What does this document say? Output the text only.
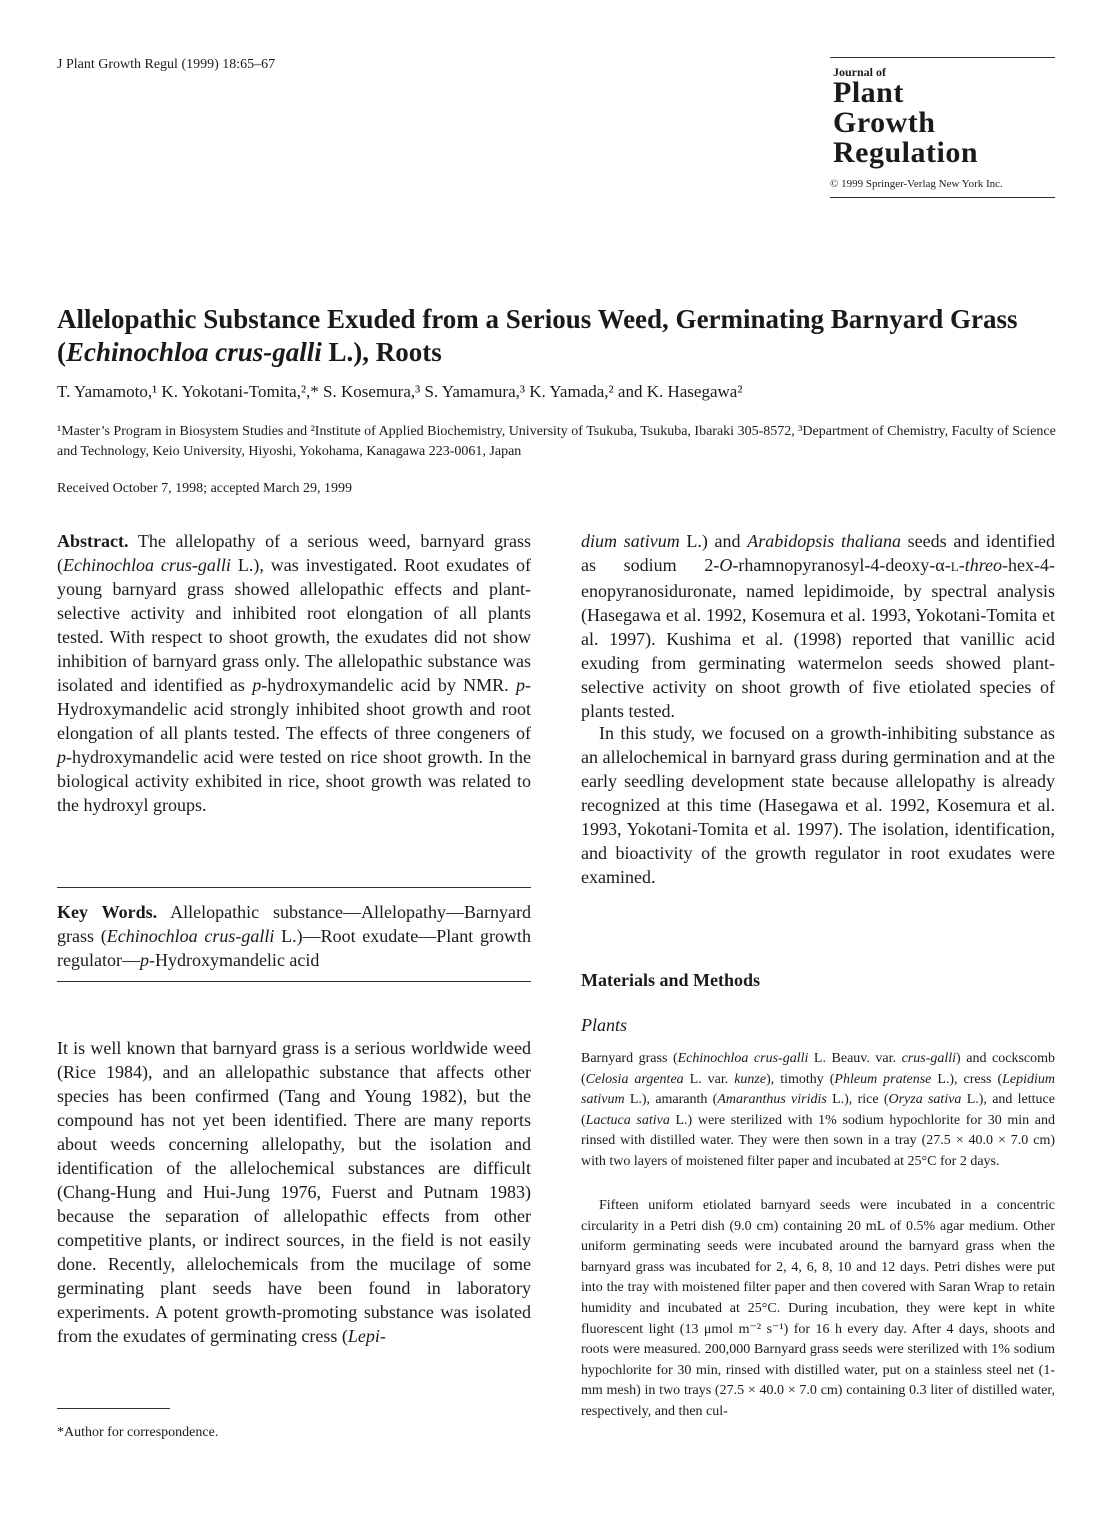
J Plant Growth Regul (1999) 18:65–67	Journal of
Plant
Growth
Regulation
© 1999 Springer-Verlag New York Inc.
Allelopathic Substance Exuded from a Serious Weed, Germinating Barnyard Grass (Echinochloa crus-galli L.), Roots
T. Yamamoto,¹ K. Yokotani-Tomita,²,* S. Kosemura,³ S. Yamamura,³ K. Yamada,² and K. Hasegawa²
¹Master’s Program in Biosystem Studies and ²Institute of Applied Biochemistry, University of Tsukuba, Tsukuba, Ibaraki 305-8572, ³Department of Chemistry, Faculty of Science and Technology, Keio University, Hiyoshi, Yokohama, Kanagawa 223-0061, Japan
Received October 7, 1998; accepted March 29, 1999
Abstract. The allelopathy of a serious weed, barnyard grass (Echinochloa crus-galli L.), was investigated. Root exudates of young barnyard grass showed allelopathic effects and plant-selective activity and inhibited root elongation of all plants tested. With respect to shoot growth, the exudates did not show inhibition of barnyard grass only. The allelopathic substance was isolated and identified as p-hydroxymandelic acid by NMR. p-Hydroxymandelic acid strongly inhibited shoot growth and root elongation of all plants tested. The effects of three congeners of p-hydroxymandelic acid were tested on rice shoot growth. In the biological activity exhibited in rice, shoot growth was related to the hydroxyl groups.
Key Words. Allelopathic substance—Allelopathy—Barnyard grass (Echinochloa crus-galli L.)—Root exudate—Plant growth regulator—p-Hydroxymandelic acid
It is well known that barnyard grass is a serious worldwide weed (Rice 1984), and an allelopathic substance that affects other species has been confirmed (Tang and Young 1982), but the compound has not yet been identified. There are many reports about weeds concerning allelopathy, but the isolation and identification of the allelochemical substances are difficult (Chang-Hung and Hui-Jung 1976, Fuerst and Putnam 1983) because the separation of allelopathic effects from other competitive plants, or indirect sources, in the field is not easily done. Recently, allelochemicals from the mucilage of some germinating plant seeds have been found in laboratory experiments. A potent growth-promoting substance was isolated from the exudates of germinating cress (Lepi-
*Author for correspondence.
dium sativum L.) and Arabidopsis thaliana seeds and identified as sodium 2-O-rhamnopyranosyl-4-deoxy-α-L-threo-hex-4-enopyranosiduronate, named lepidimoide, by spectral analysis (Hasegawa et al. 1992, Kosemura et al. 1993, Yokotani-Tomita et al. 1997). Kushima et al. (1998) reported that vanillic acid exuding from germinating watermelon seeds showed plant-selective activity on shoot growth of five etiolated species of plants tested.
In this study, we focused on a growth-inhibiting substance as an allelochemical in barnyard grass during germination and at the early seedling development state because allelopathy is already recognized at this time (Hasegawa et al. 1992, Kosemura et al. 1993, Yokotani-Tomita et al. 1997). The isolation, identification, and bioactivity of the growth regulator in root exudates were examined.
Materials and Methods
Plants
Barnyard grass (Echinochloa crus-galli L. Beauv. var. crus-galli) and cockscomb (Celosia argentea L. var. kunze), timothy (Phleum pratense L.), cress (Lepidium sativum L.), amaranth (Amaranthus viridis L.), rice (Oryza sativa L.), and lettuce (Lactuca sativa L.) were sterilized with 1% sodium hypochlorite for 30 min and rinsed with distilled water. They were then sown in a tray (27.5 × 40.0 × 7.0 cm) with two layers of moistened filter paper and incubated at 25°C for 2 days.
Fifteen uniform etiolated barnyard seeds were incubated in a concentric circularity in a Petri dish (9.0 cm) containing 20 mL of 0.5% agar medium. Other uniform germinating seeds were incubated around the barnyard grass when the barnyard grass was incubated for 2, 4, 6, 8, 10 and 12 days. Petri dishes were put into the tray with moistened filter paper and then covered with Saran Wrap to retain humidity and incubated at 25°C. During incubation, they were kept in white fluorescent light (13 μmol m⁻² s⁻¹) for 16 h every day. After 4 days, shoots and roots were measured. 200,000 Barnyard grass seeds were sterilized with 1% sodium hypochlorite for 30 min, rinsed with distilled water, put on a stainless steel net (1-mm mesh) in two trays (27.5 × 40.0 × 7.0 cm) containing 0.3 liter of distilled water, respectively, and then cul-
